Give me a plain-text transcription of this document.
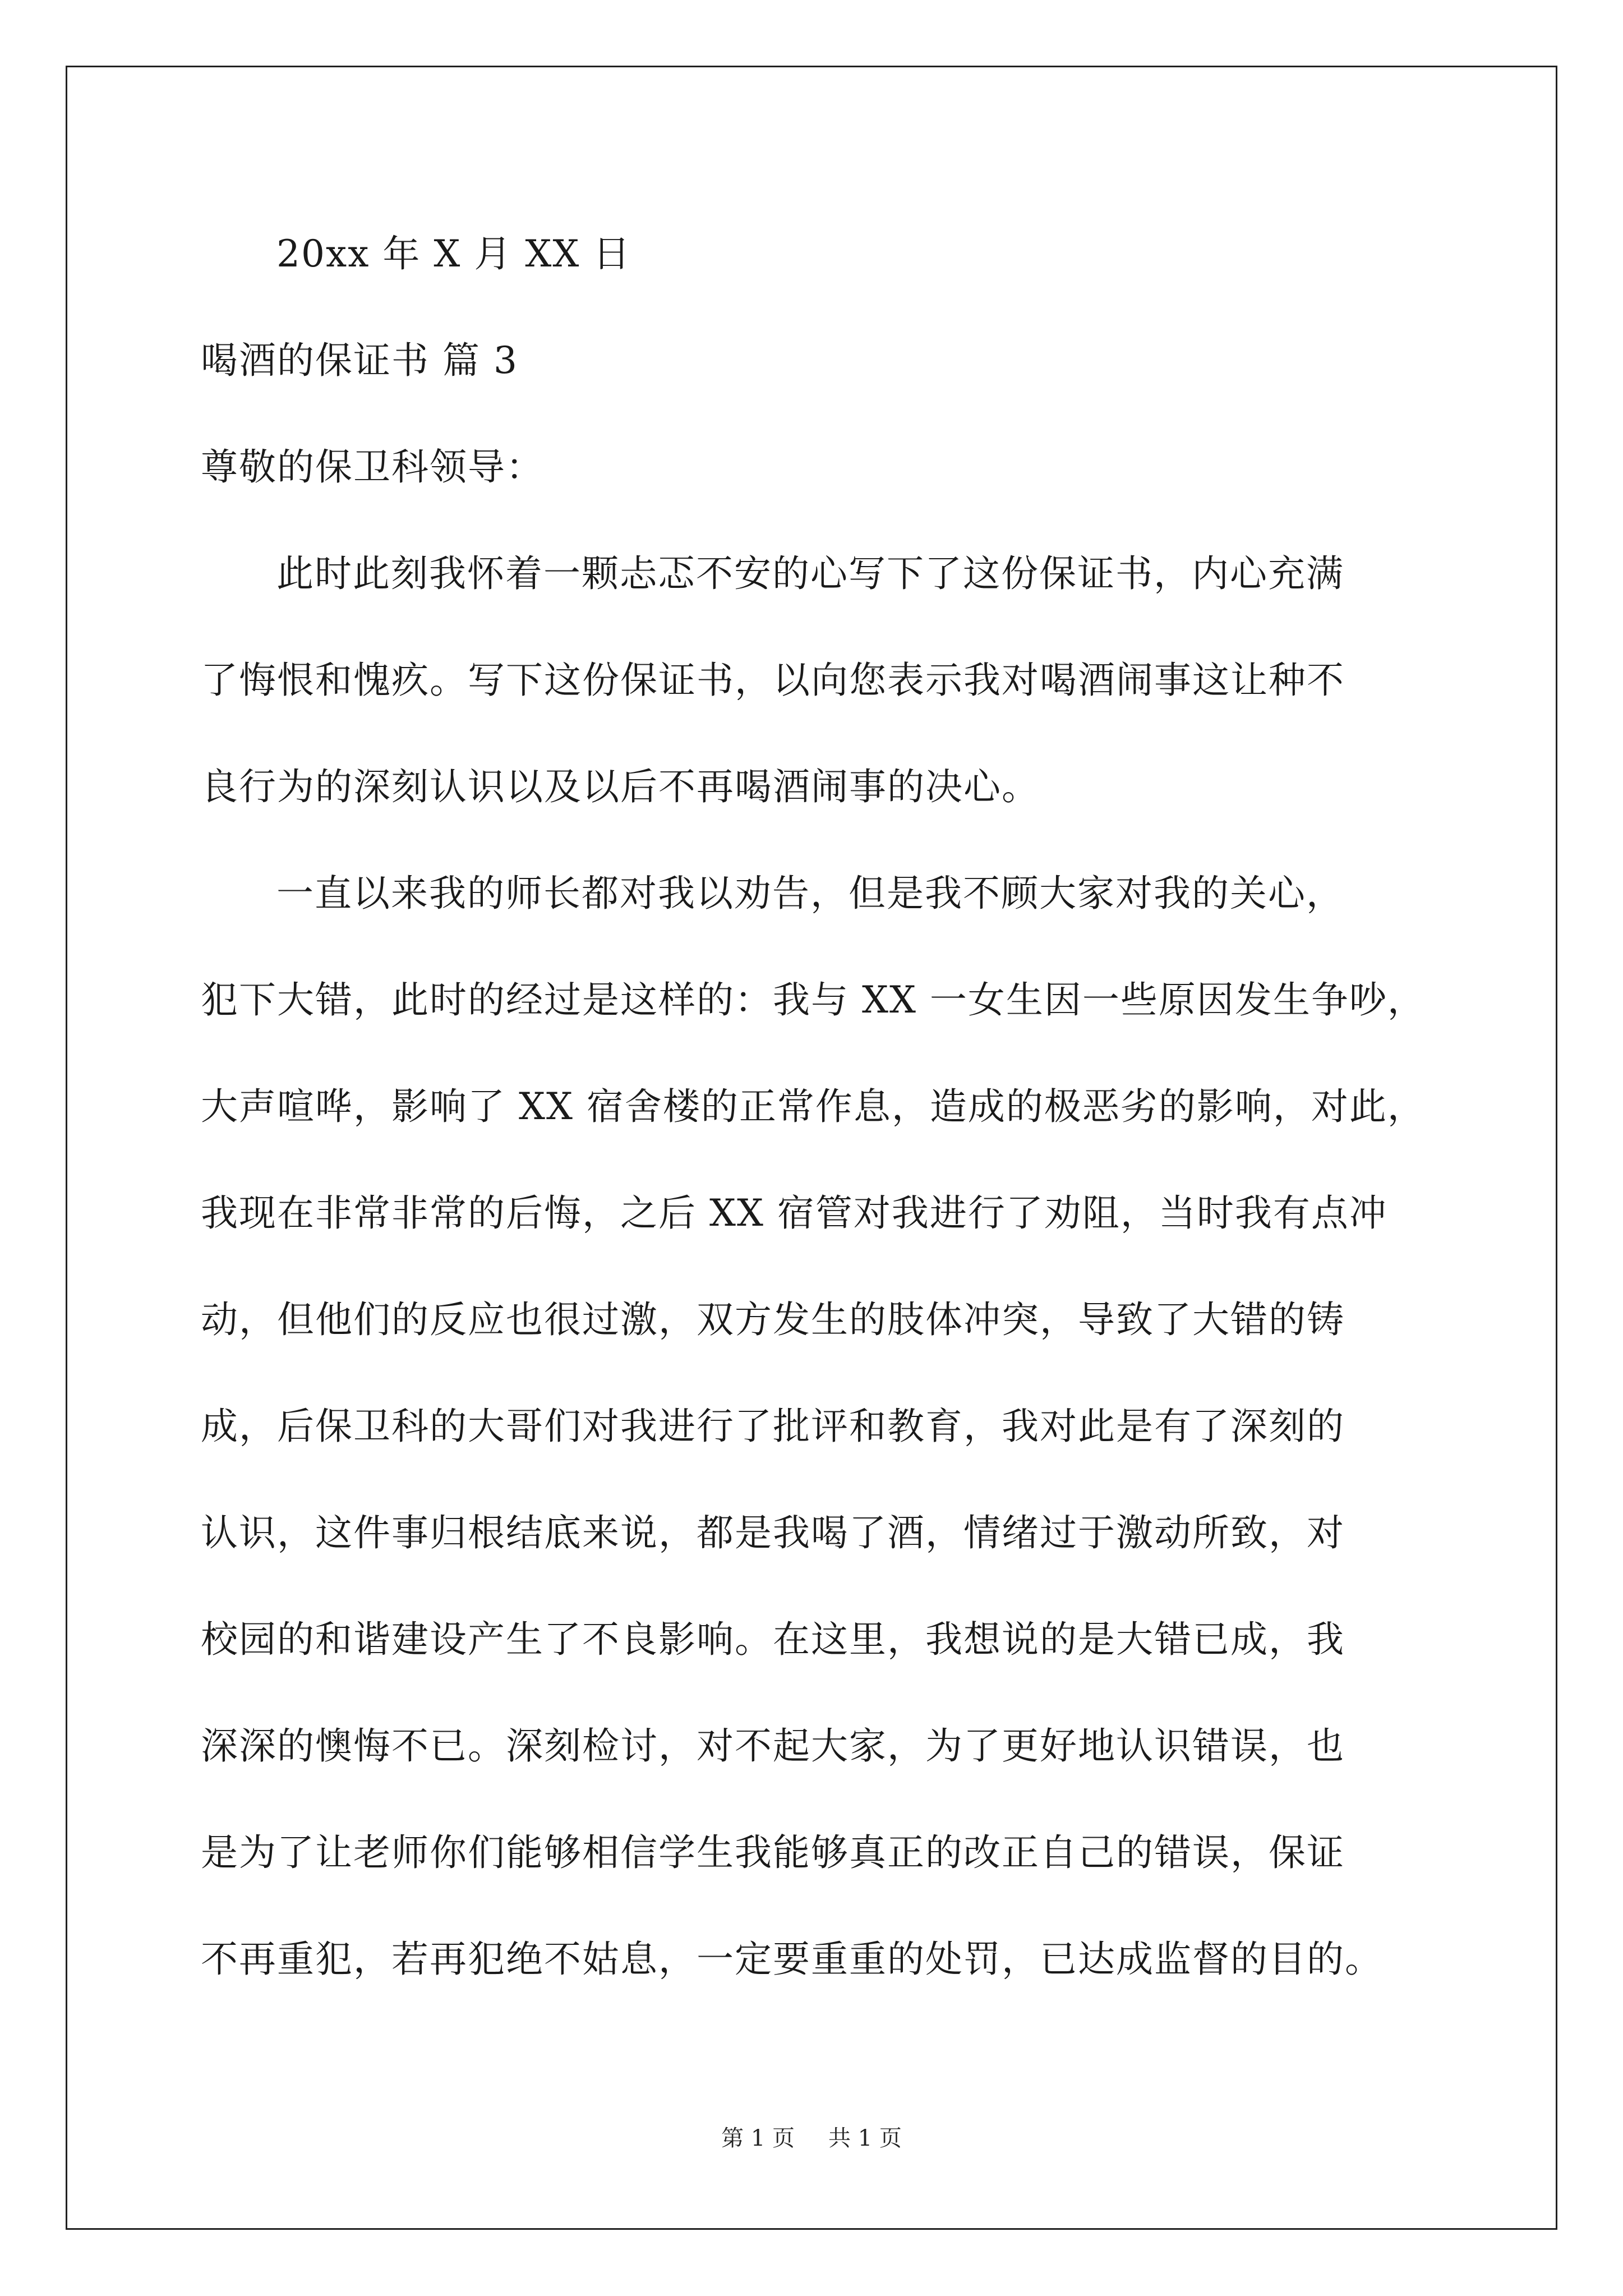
20xx 年 X 月 XX 日
喝酒的保证书 篇 3
尊敬的保卫科领导：
此时此刻我怀着一颗忐忑不安的心写下了这份保证书，内心充满
了悔恨和愧疚。写下这份保证书，以向您表示我对喝酒闹事这让种不
良行为的深刻认识以及以后不再喝酒闹事的决心。
一直以来我的师长都对我以劝告，但是我不顾大家对我的关心，
犯下大错，此时的经过是这样的：我与 XX 一女生因一些原因发生争吵，
大声喧哗，影响了 XX 宿舍楼的正常作息，造成的极恶劣的影响，对此，
我现在非常非常的后悔，之后 XX 宿管对我进行了劝阻，当时我有点冲
动，但他们的反应也很过激，双方发生的肢体冲突，导致了大错的铸
成，后保卫科的大哥们对我进行了批评和教育，我对此是有了深刻的
认识，这件事归根结底来说，都是我喝了酒，情绪过于激动所致，对
校园的和谐建设产生了不良影响。在这里，我想说的是大错已成，我
深深的懊悔不已。深刻检讨，对不起大家，为了更好地认识错误，也
是为了让老师你们能够相信学生我能够真正的改正自己的错误，保证
不再重犯，若再犯绝不姑息，一定要重重的处罚，已达成监督的目的。
第 1 页 共 1 页
